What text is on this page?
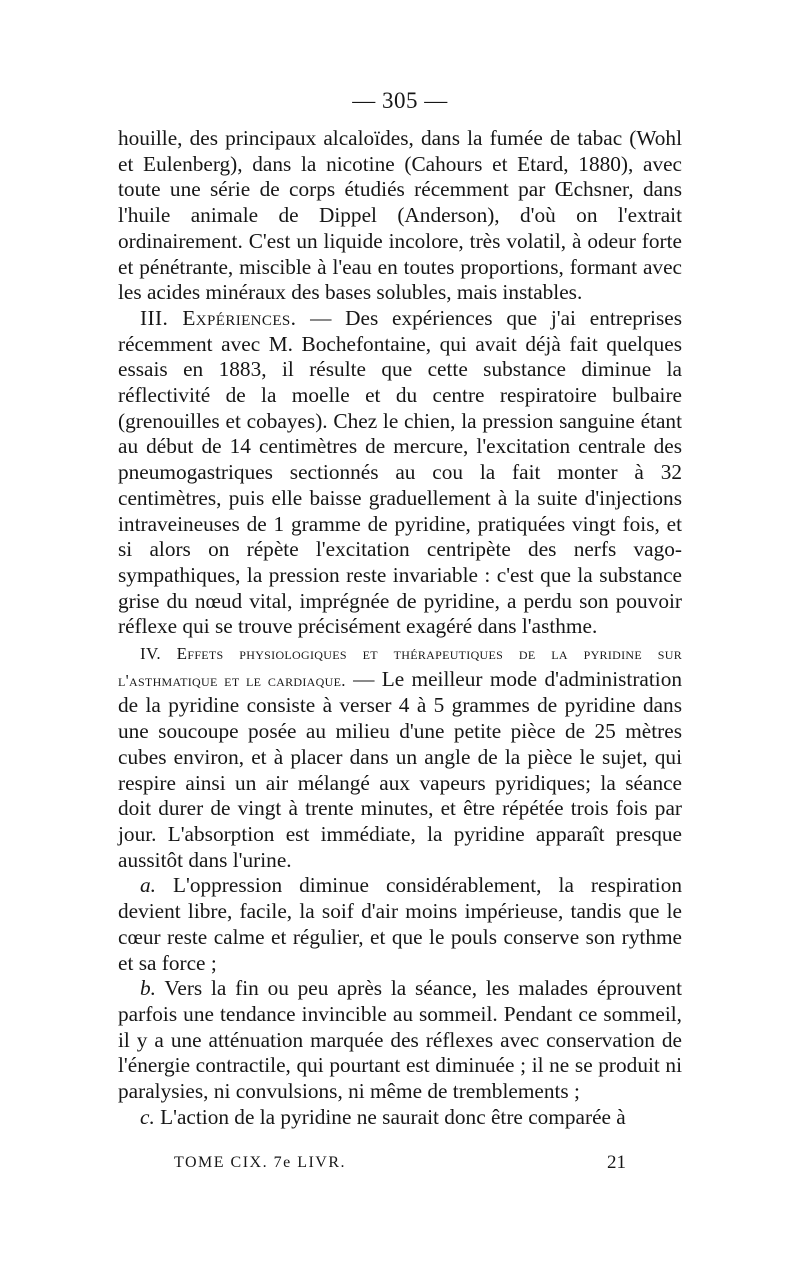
— 305 —

houille, des principaux alcaloïdes, dans la fumée de tabac (Wohl et Eulenberg), dans la nicotine (Cahours et Etard, 1880), avec toute une série de corps étudiés récemment par Œchsner, dans l'huile animale de Dippel (Anderson), d'où on l'extrait ordinairement. C'est un liquide incolore, très volatil, à odeur forte et pénétrante, miscible à l'eau en toutes proportions, formant avec les acides minéraux des bases solubles, mais instables.

III. Expériences. — Des expériences que j'ai entreprises récemment avec M. Bochefontaine, qui avait déjà fait quelques essais en 1883, il résulte que cette substance diminue la réflectivité de la moelle et du centre respiratoire bulbaire (grenouilles et cobayes). Chez le chien, la pression sanguine étant au début de 14 centimètres de mercure, l'excitation centrale des pneumogastriques sectionnés au cou la fait monter à 32 centimètres, puis elle baisse graduellement à la suite d'injections intraveineuses de 1 gramme de pyridine, pratiquées vingt fois, et si alors on répète l'excitation centripète des nerfs vago-sympathiques, la pression reste invariable : c'est que la substance grise du nœud vital, imprégnée de pyridine, a perdu son pouvoir réflexe qui se trouve précisément exagéré dans l'asthme.

IV. Effets physiologiques et thérapeutiques de la pyridine sur l'asthmatique et le cardiaque. — Le meilleur mode d'administration de la pyridine consiste à verser 4 à 5 grammes de pyridine dans une soucoupe posée au milieu d'une petite pièce de 25 mètres cubes environ, et à placer dans un angle de la pièce le sujet, qui respire ainsi un air mélangé aux vapeurs pyridiques; la séance doit durer de vingt à trente minutes, et être répétée trois fois par jour. L'absorption est immédiate, la pyridine apparaît presque aussitôt dans l'urine.

a. L'oppression diminue considérablement, la respiration devient libre, facile, la soif d'air moins impérieuse, tandis que le cœur reste calme et régulier, et que le pouls conserve son rythme et sa force ;

b. Vers la fin ou peu après la séance, les malades éprouvent parfois une tendance invincible au sommeil. Pendant ce sommeil, il y a une atténuation marquée des réflexes avec conservation de l'énergie contractile, qui pourtant est diminuée ; il ne se produit ni paralysies, ni convulsions, ni même de tremblements ;

c. L'action de la pyridine ne saurait donc être comparée à

TOME CIX. 7e LIVR.	21
